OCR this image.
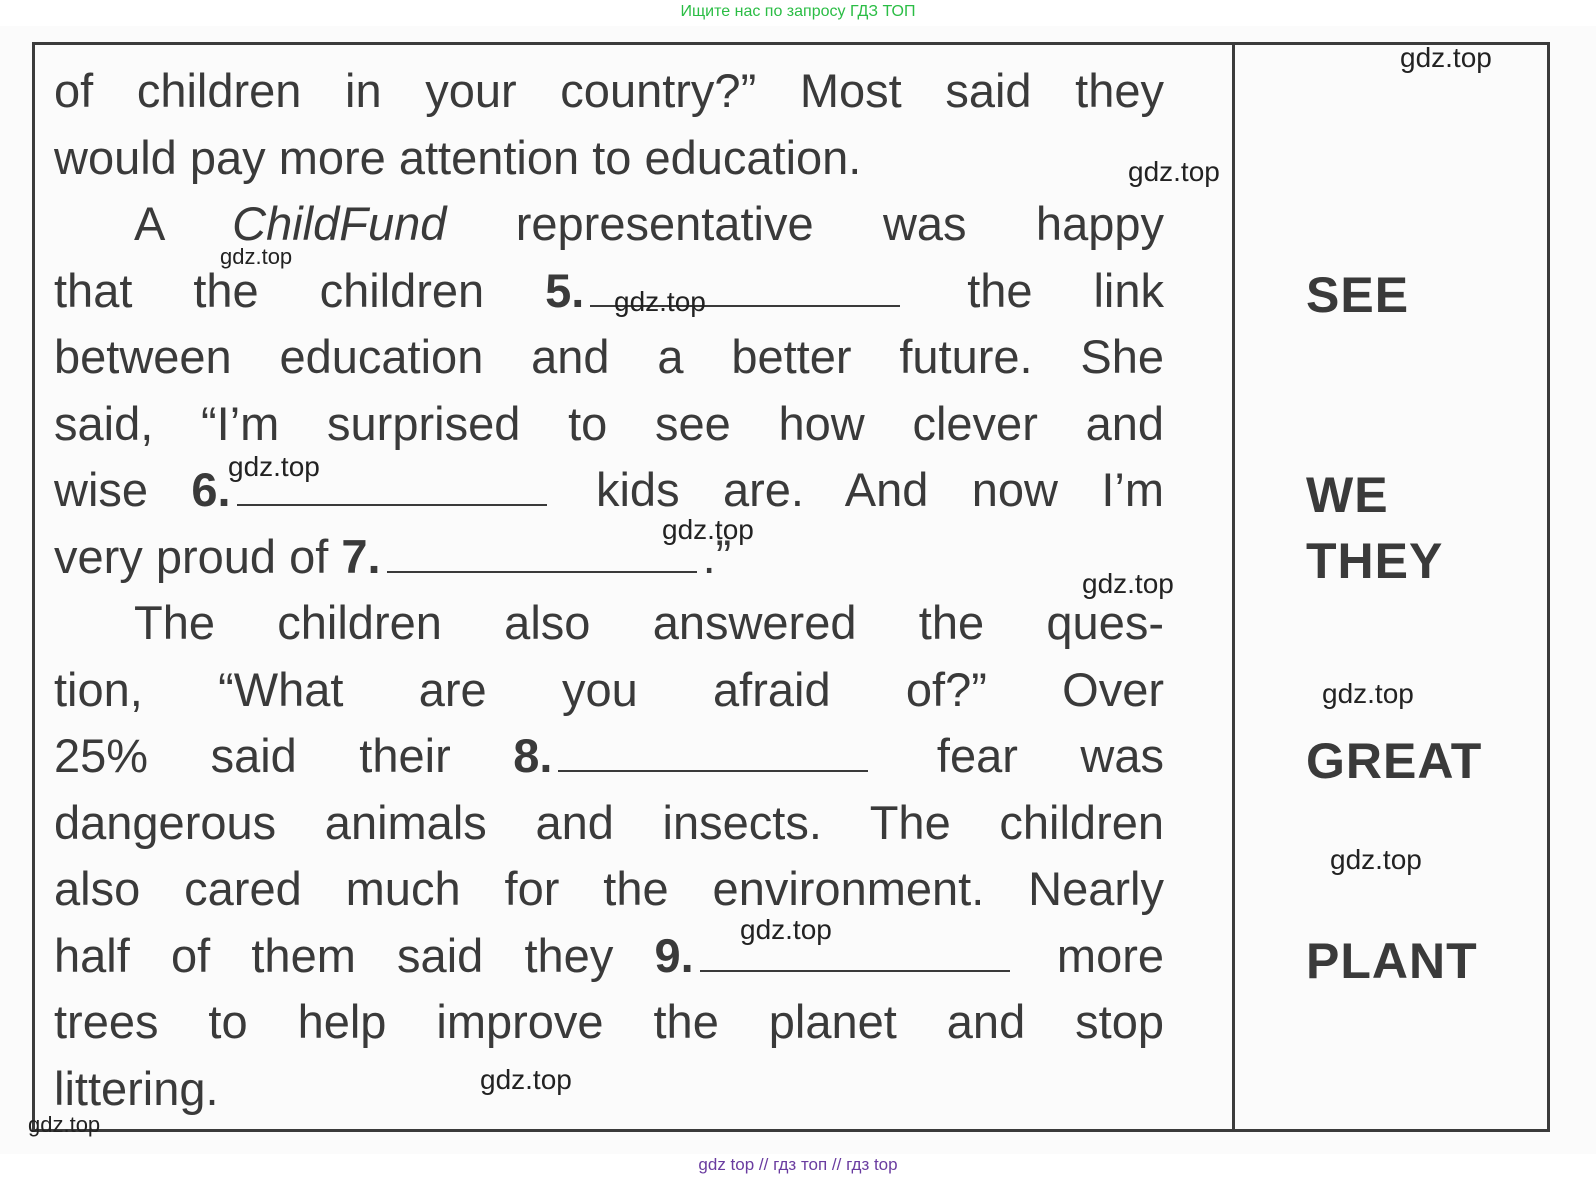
Ищите нас по запросу ГДЗ ТОП
of children in your country?” Most said they
would pay more attention to education.
A ChildFund representative was happy
that the children 5.	the link
between education and a better future. She
said, “I’m surprised to see how clever and
wise 6.	kids are. And now I’m
very proud of 7.	.”
The children also answered the ques-
tion, “What are you afraid of?” Over
25% said their 8.	fear was
dangerous animals and insects. The children
also cared much for the environment. Nearly
half of them said they 9.	more
trees to help improve the planet and stop
littering.
SEE
WE
THEY
GREAT
PLANT
gdz.top
gdz.top
gdz.top
gdz.top
gdz.top
gdz.top
gdz.top
gdz.top
gdz.top
gdz.top
gdz.top
gdz.top
gdz top // гдз топ // гдз top
